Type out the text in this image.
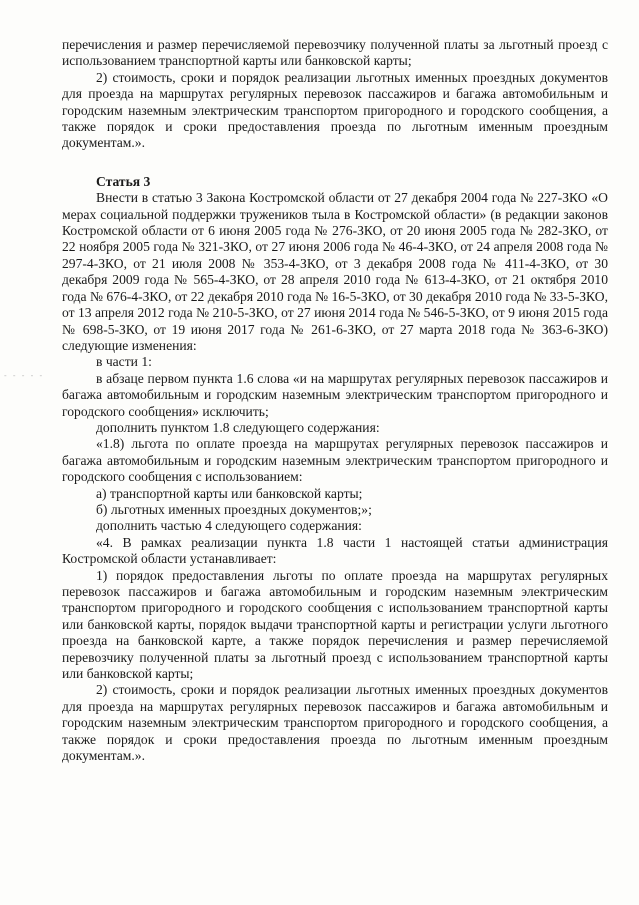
- - - - -

перечисления и размер перечисляемой перевозчику полученной платы за льготный проезд с использованием транспортной карты или банковской карты;

2) стоимость, сроки и порядок реализации льготных именных проездных документов для проезда на маршрутах регулярных перевозок пассажиров и багажа автомобильным и городским наземным электрическим транспортом пригородного и городского сообщения, а также порядок и сроки предоставления проезда по льготным именным проездным документам.».

Статья 3

Внести в статью 3 Закона Костромской области от 27 декабря 2004 года № 227-ЗКО «О мерах социальной поддержки тружеников тыла в Костромской области» (в редакции законов Костромской области от 6 июня 2005 года № 276-ЗКО, от 20 июня 2005 года № 282-ЗКО, от 22 ноября 2005 года № 321-ЗКО, от 27 июня 2006 года № 46-4-ЗКО, от 24 апреля 2008 года № 297-4-ЗКО, от 21 июля 2008 № 353-4-ЗКО, от 3 декабря 2008 года № 411-4-ЗКО, от 30 декабря 2009 года № 565-4-ЗКО, от 28 апреля 2010 года № 613-4-ЗКО, от 21 октября 2010 года № 676-4-ЗКО, от 22 декабря 2010 года № 16-5-ЗКО, от 30 декабря 2010 года № 33-5-ЗКО, от 13 апреля 2012 года № 210-5-ЗКО, от 27 июня 2014 года № 546-5-ЗКО, от 9 июня 2015 года № 698-5-ЗКО, от 19 июня 2017 года № 261-6-ЗКО, от 27 марта 2018 года № 363-6-ЗКО) следующие изменения:

в части 1:

в абзаце первом пункта 1.6 слова «и на маршрутах регулярных перевозок пассажиров и багажа автомобильным и городским наземным электрическим транспортом пригородного и городского сообщения» исключить;

дополнить пунктом 1.8 следующего содержания:

«1.8) льгота по оплате проезда на маршрутах регулярных перевозок пассажиров и багажа автомобильным и городским наземным электрическим транспортом пригородного и городского сообщения с использованием:

а) транспортной карты или банковской карты;

б) льготных именных проездных документов;»;

дополнить частью 4 следующего содержания:

«4. В рамках реализации пункта 1.8 части 1 настоящей статьи администрация Костромской области устанавливает:

1) порядок предоставления льготы по оплате проезда на маршрутах регулярных перевозок пассажиров и багажа автомобильным и городским наземным электрическим транспортом пригородного и городского сообщения с использованием транспортной карты или банковской карты, порядок выдачи транспортной карты и регистрации услуги льготного проезда на банковской карте, а также порядок перечисления и размер перечисляемой перевозчику полученной платы за льготный проезд с использованием транспортной карты или банковской карты;

2) стоимость, сроки и порядок реализации льготных именных проездных документов для проезда на маршрутах регулярных перевозок пассажиров и багажа автомобильным и городским наземным электрическим транспортом пригородного и городского сообщения, а также порядок и сроки предоставления проезда по льготным именным проездным документам.».
